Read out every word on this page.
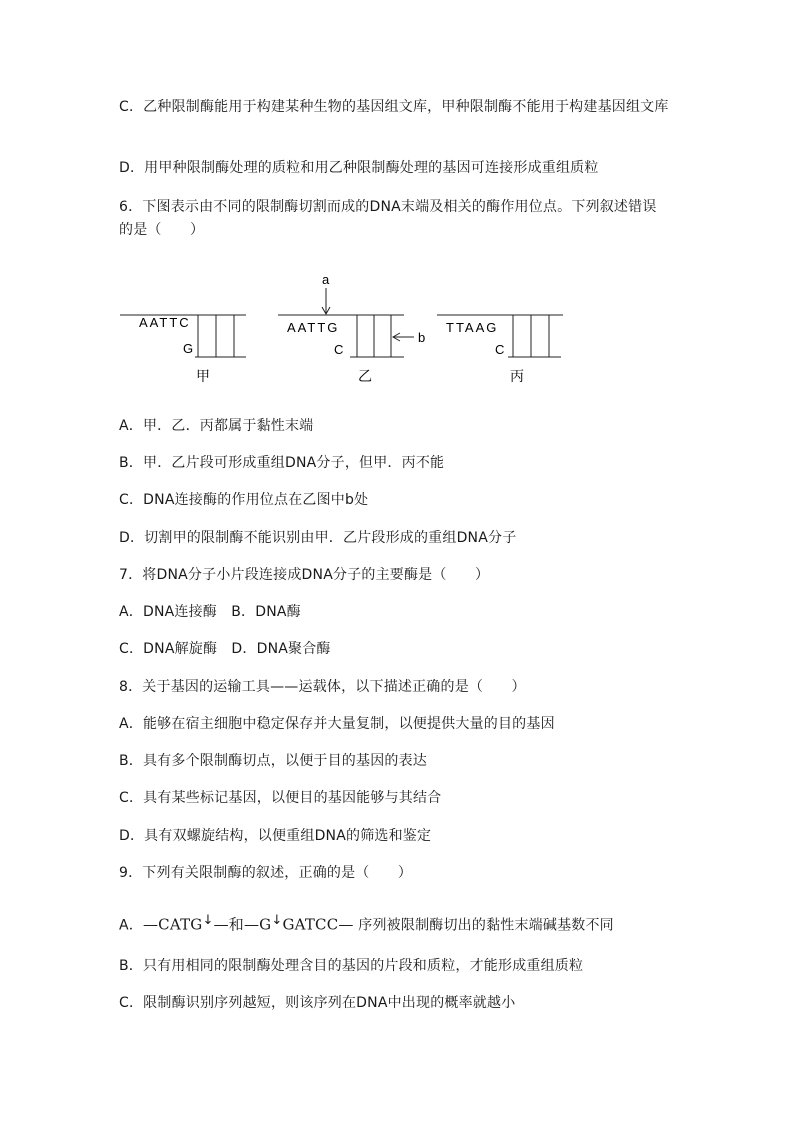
C．乙种限制酶能用于构建某种生物的基因组文库，甲种限制酶不能用于构建基因组文库
D．用甲种限制酶处理的质粒和用乙种限制酶处理的基因可连接形成重组质粒
6．下图表示由不同的限制酶切割而成的DNA末端及相关的酶作用位点。下列叙述错误
的是（　　）
AATTC
G
甲
AATTG
C
乙
a
b
TTAAG
C
丙
A．甲．乙．丙都属于黏性末端
B．甲．乙片段可形成重组DNA分子，但甲．丙不能
C．DNA连接酶的作用位点在乙图中b处
D．切割甲的限制酶不能识别由甲．乙片段形成的重组DNA分子
7．将DNA分子小片段连接成DNA分子的主要酶是（　　）
A．DNA连接酶　B．DNA酶
C．DNA解旋酶　D．DNA聚合酶
8．关于基因的运输工具——运载体，以下描述正确的是（　　）
A．能够在宿主细胞中稳定保存并大量复制，以便提供大量的目的基因
B．具有多个限制酶切点，以便于目的基因的表达
C．具有某些标记基因，以便目的基因能够与其结合
D．具有双螺旋结构，以便重组DNA的筛选和鉴定
9．下列有关限制酶的叙述，正确的是（　　）
A．—CATG↓—和—G↓GATCC— 序列被限制酶切出的黏性末端碱基数不同
B．只有用相同的限制酶处理含目的基因的片段和质粒，才能形成重组质粒
C．限制酶识别序列越短，则该序列在DNA中出现的概率就越小
